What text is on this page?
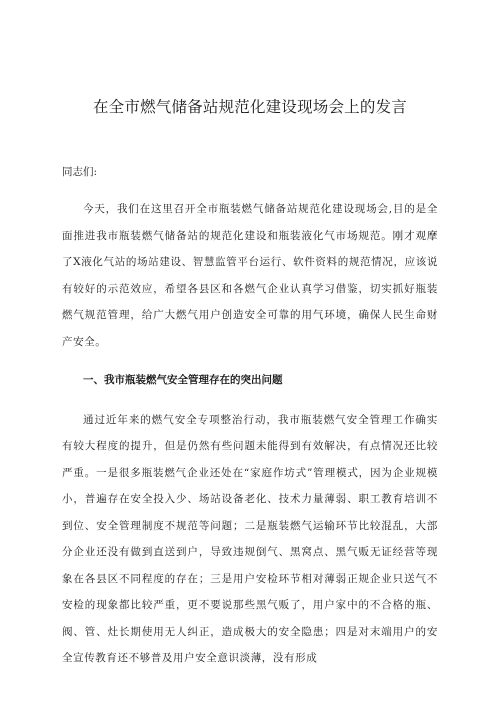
在全市燃气储备站规范化建设现场会上的发言

同志们:

今天，我们在这里召开全市瓶装燃气储备站规范化建设现场会,目的是全面推进我市瓶装燃气储备站的规范化建设和瓶装液化气市场规范。刚才观摩了X液化气站的场站建设、智慧监管平台运行、软件资料的规范情况，应该说有较好的示范效应，希望各县区和各燃气企业认真学习借鉴，切实抓好瓶装燃气规范管理，给广大燃气用户创造安全可靠的用气环境，确保人民生命财产安全。

一、我市瓶装燃气安全管理存在的突出问题

通过近年来的燃气安全专项整治行动，我市瓶装燃气安全管理工作确实有较大程度的提升，但是仍然有些问题未能得到有效解决，有点情况还比较严重。一是很多瓶装燃气企业还处在“家庭作坊式”管理模式，因为企业规模小，普遍存在安全投入少、场站设备老化、技术力量薄弱、职工教育培训不到位、安全管理制度不规范等问题；二是瓶装燃气运输环节比较混乱，大部分企业还没有做到直送到户，导致违规倒气、黑窝点、黑气贩无证经营等现象在各县区不同程度的存在；三是用户安检环节相对薄弱正规企业只送气不安检的现象都比较严重，更不要说那些黑气贩了，用户家中的不合格的瓶、阀、管、灶长期使用无人纠正，造成极大的安全隐患；四是对末端用户的安全宣传教育还不够普及用户安全意识淡薄，没有形成
